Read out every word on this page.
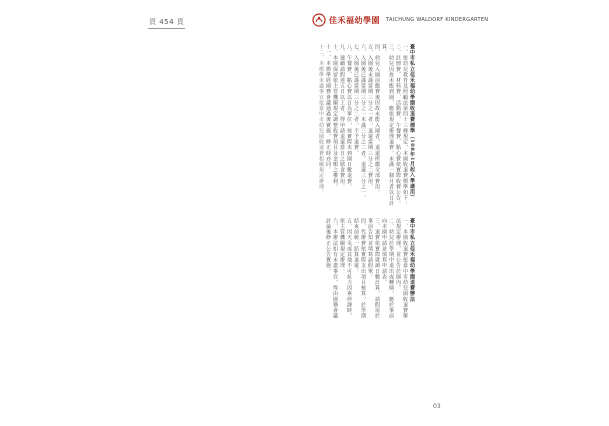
頁 454 頁	佳禾福幼學園 TAICHUNG WALDORF KINDERGARTEN
臺中市私立佳禾福幼學園收退費標準（108年1月起入學適用）
一、依幼兒教育及照顧法第四十三條規定，本園收退費標準如下：
二、註冊費、材料費、活動費、午餐費、點心費依實際收費公告。
三、幼兒因故未能到園，應依規定辦理退費，未滿一個月者以日計算。
四、幼兒入園前繳費後因故未能入園者，退還所繳全部費用。
五、入園後未滿當期三分之一者，退還當期三分之二費用。
六、入園後已滿當期三分之一未滿三分之二者，退還三分之一。
七、入園後已滿當期三分之二者，不予退費。
八、午餐費、點心費以日為單位，按實際未到園日數退費。
九、連續請假達五日以上者，得申請退還當日之膳食費用。
十、本園保留依主管機關規定調整收費項目及金額之權利。
十一、本標準經園務會議通過後實施，修正時亦同。
十二、本標準未盡事宜依臺中市幼兒園收退費相關規定辦理。
臺中市私立佳禾福幼學園退費辦法
一、本園收退費依臺中市幼兒園收退費辦法規定辦理，並公告於園內。
二、幼兒於學期中退出或轉園，應於事前向本園申請並填寫申請表。
三、退費依實際就讀日數計算，請假需於事前告知並填寫請假單。
四、代辦費依實際支出項目核算，於學期結束前統一結算退還。
五、因天災或其他不可抗力因素停課時，依主管機關規定辦理。
六、本辦法如有未盡事宜，得由園務會議討論後修正公告實施。
03
